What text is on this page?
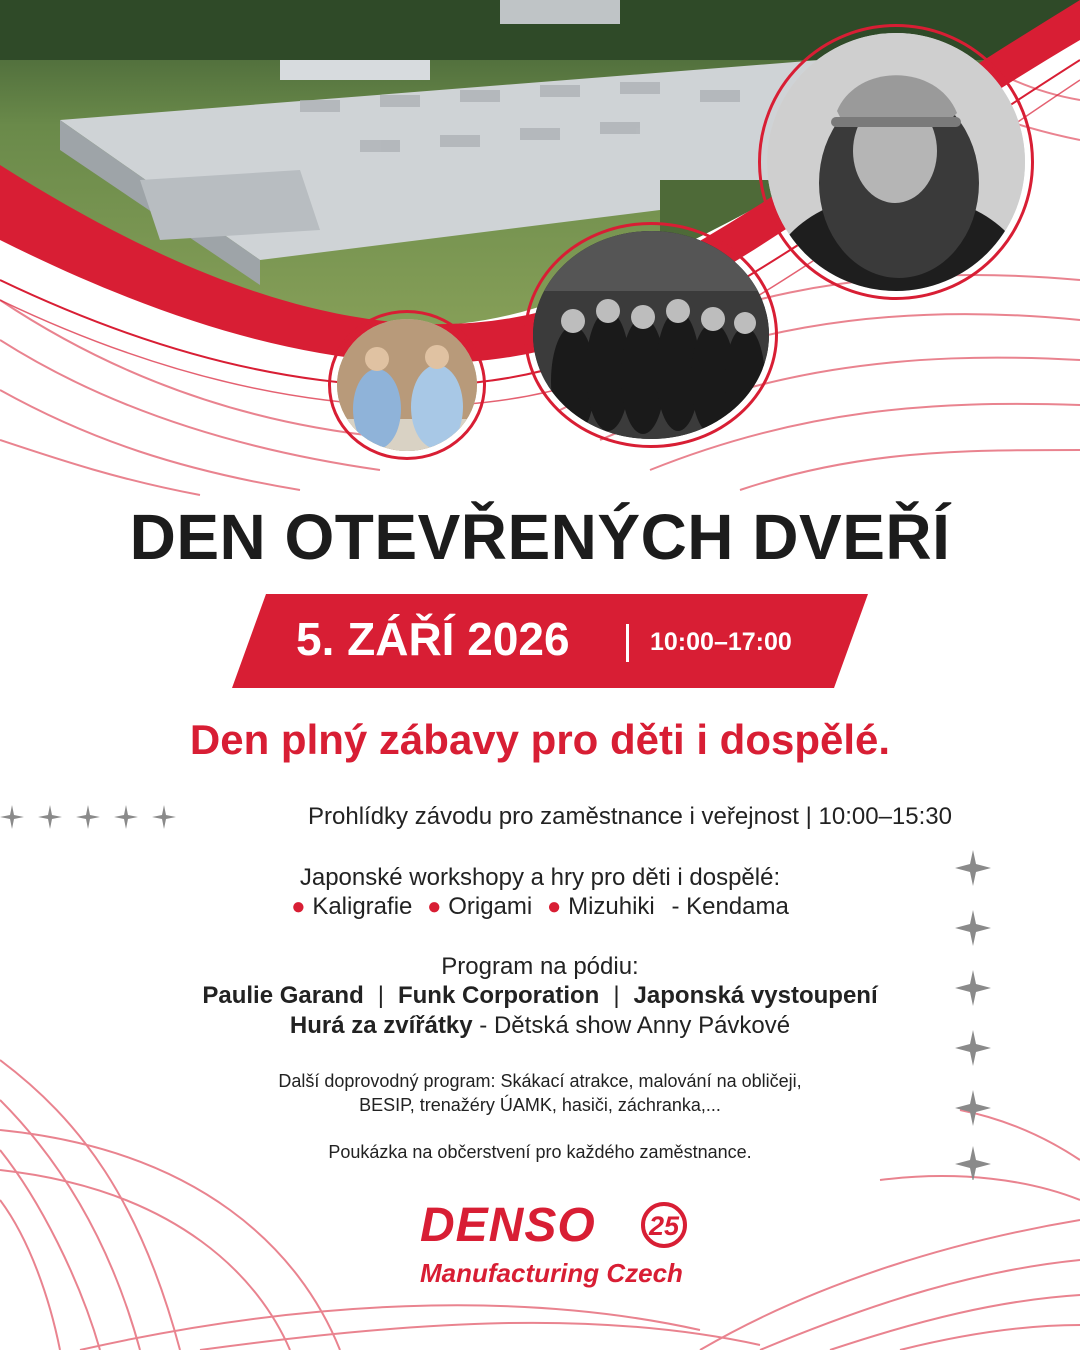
DEN OTEVŘENÝCH DVEŘÍ
5. ZÁŘÍ 2026	10:00–17:00
Den plný zábavy pro děti i dospělé.
Prohlídky závodu pro zaměstnance i veřejnost | 10:00–15:30
Japonské workshopy a hry pro děti i dospělé:
● Kaligrafie ● Origami ● Mizuhiki - Kendama
Program na pódiu:
Paulie Garand | Funk Corporation | Japonská vystoupení
Hurá za zvířátky - Dětská show Anny Pávkové
Další doprovodný program: Skákací atrakce, malování na obličeji,
BESIP, trenažéry ÚAMK, hasiči, záchranka,...
Poukázka na občerstvení pro každého zaměstnance.
DENSO 25
Manufacturing Czech
